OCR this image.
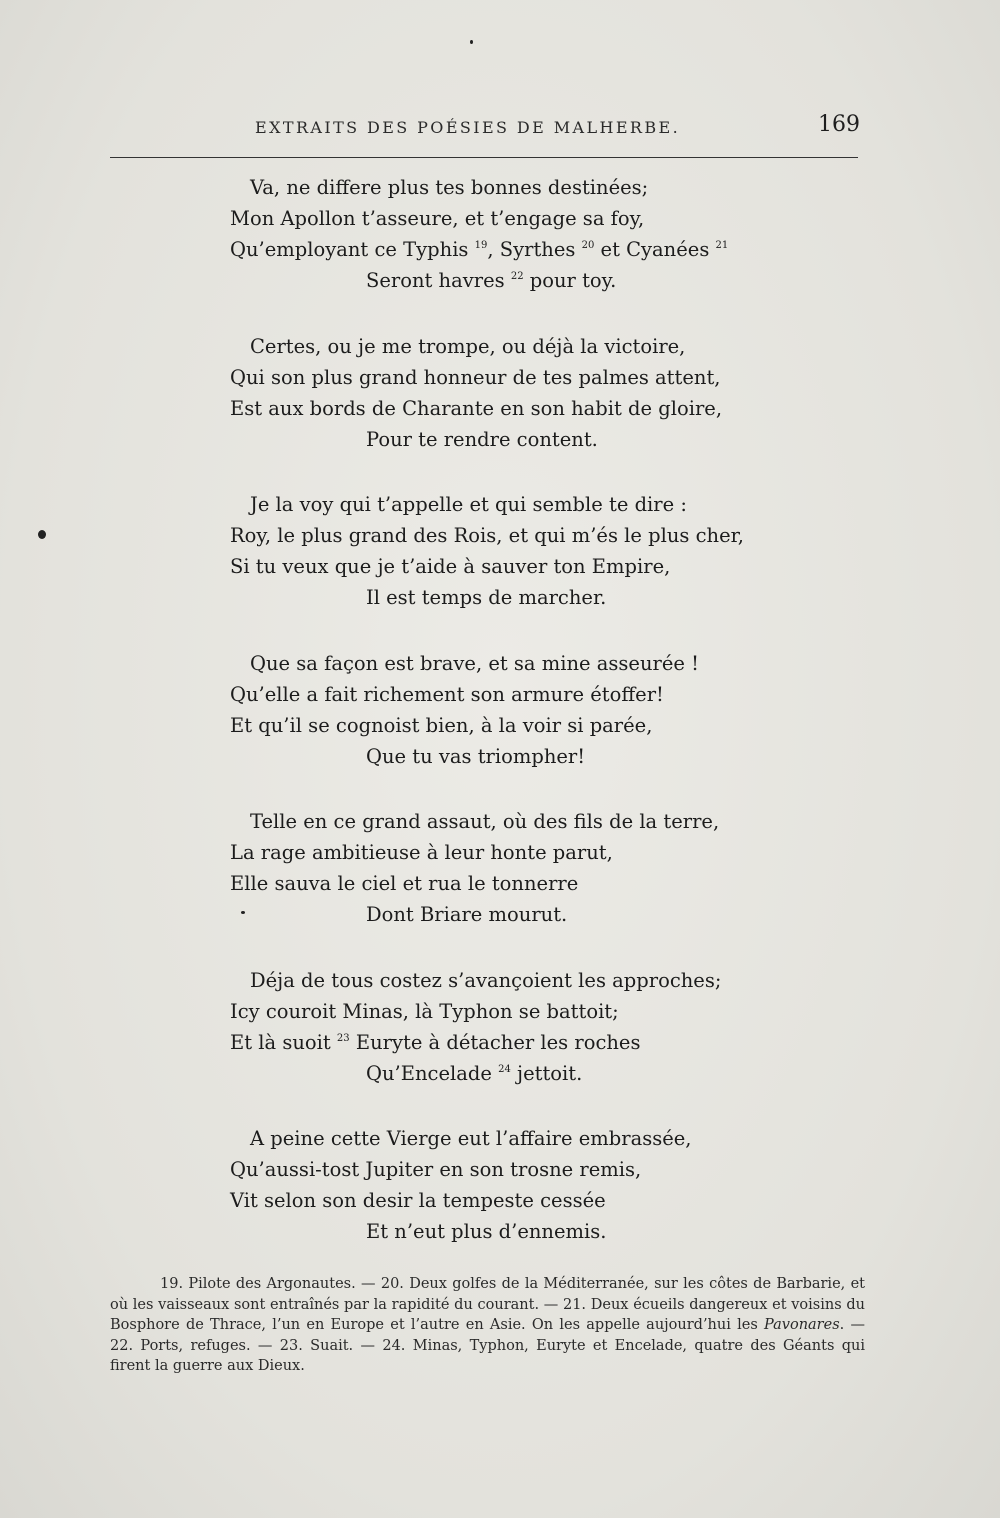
EXTRAITS DES POÉSIES DE MALHERBE.	169
Va, ne differe plus tes bonnes destinées;
Mon Apollon t’asseure, et t’engage sa foy,
Qu’employant ce Typhis $^{19}$, Syrthes $^{20}$ et Cyanées $^{21}$
Seront havres $^{22}$ pour toy.
Certes, ou je me trompe, ou déjà la victoire,
Qui son plus grand honneur de tes palmes attent,
Est aux bords de Charante en son habit de gloire,
Pour te rendre content.
Je la voy qui t’appelle et qui semble te dire :
Roy, le plus grand des Rois, et qui m’és le plus cher,
Si tu veux que je t’aide à sauver ton Empire,
Il est temps de marcher.
Que sa façon est brave, et sa mine asseurée !
Qu’elle a fait richement son armure étoffer!
Et qu’il se cognoist bien, à la voir si parée,
Que tu vas triompher!
Telle en ce grand assaut, où des fils de la terre,
La rage ambitieuse à leur honte parut,
Elle sauva le ciel et rua le tonnerre
Dont Briare mourut.
Déja de tous costez s’avançoient les approches;
Icy couroit Minas, là Typhon se battoit;
Et là suoit $^{23}$ Euryte à détacher les roches
Qu’Encelade $^{24}$ jettoit.
A peine cette Vierge eut l’affaire embrassée,
Qu’aussi-tost Jupiter en son trosne remis,
Vit selon son desir la tempeste cessée
Et n’eut plus d’ennemis.
19. Pilote des Argonautes. — 20. Deux golfes de la Méditerranée, sur les côtes de Barbarie, et où les vaisseaux sont entraînés par la rapidité du courant. — 21. Deux écueils dangereux et voisins du Bosphore de Thrace, l’un en Europe et l’autre en Asie. On les appelle aujourd’hui les Pavonares. — 22. Ports, refuges. — 23. Suait. — 24. Minas, Typhon, Euryte et Encelade, quatre des Géants qui firent la guerre aux Dieux.
